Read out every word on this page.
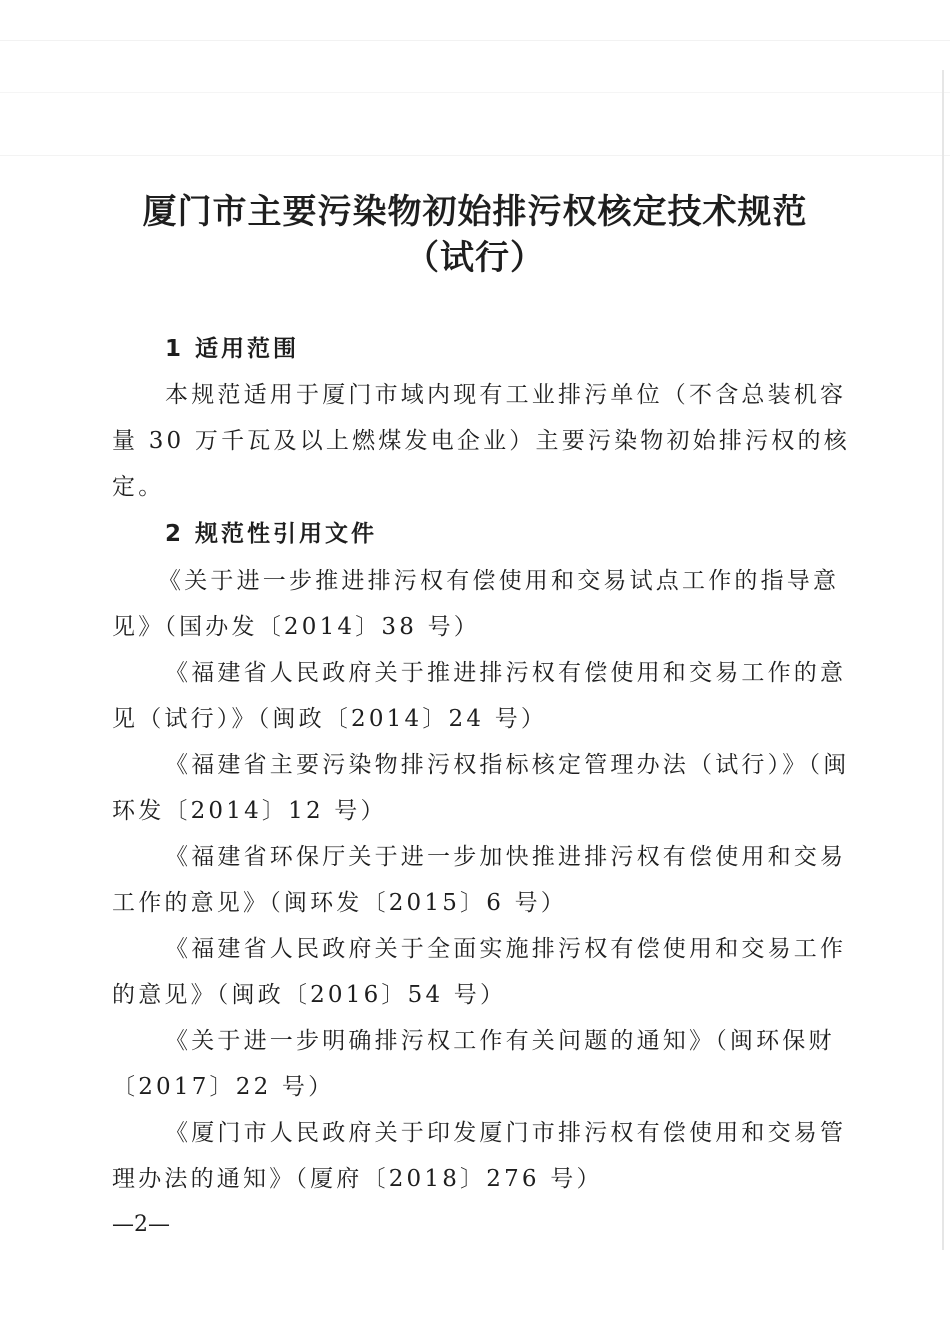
厦门市主要污染物初始排污权核定技术规范
（试行）
1 适用范围
本规范适用于厦门市域内现有工业排污单位（不含总装机容
量 30 万千瓦及以上燃煤发电企业）主要污染物初始排污权的核
定。
2 规范性引用文件
《关于进一步推进排污权有偿使用和交易试点工作的指导意
见》（国办发〔2014〕38 号）
《福建省人民政府关于推进排污权有偿使用和交易工作的意
见（试行）》（闽政〔2014〕24 号）
《福建省主要污染物排污权指标核定管理办法（试行）》（闽
环发〔2014〕12 号）
《福建省环保厅关于进一步加快推进排污权有偿使用和交易
工作的意见》（闽环发〔2015〕6 号）
《福建省人民政府关于全面实施排污权有偿使用和交易工作
的意见》（闽政〔2016〕54 号）
《关于进一步明确排污权工作有关问题的通知》（闽环保财
〔2017〕22 号）
《厦门市人民政府关于印发厦门市排污权有偿使用和交易管
理办法的通知》（厦府〔2018〕276 号）
—2—
